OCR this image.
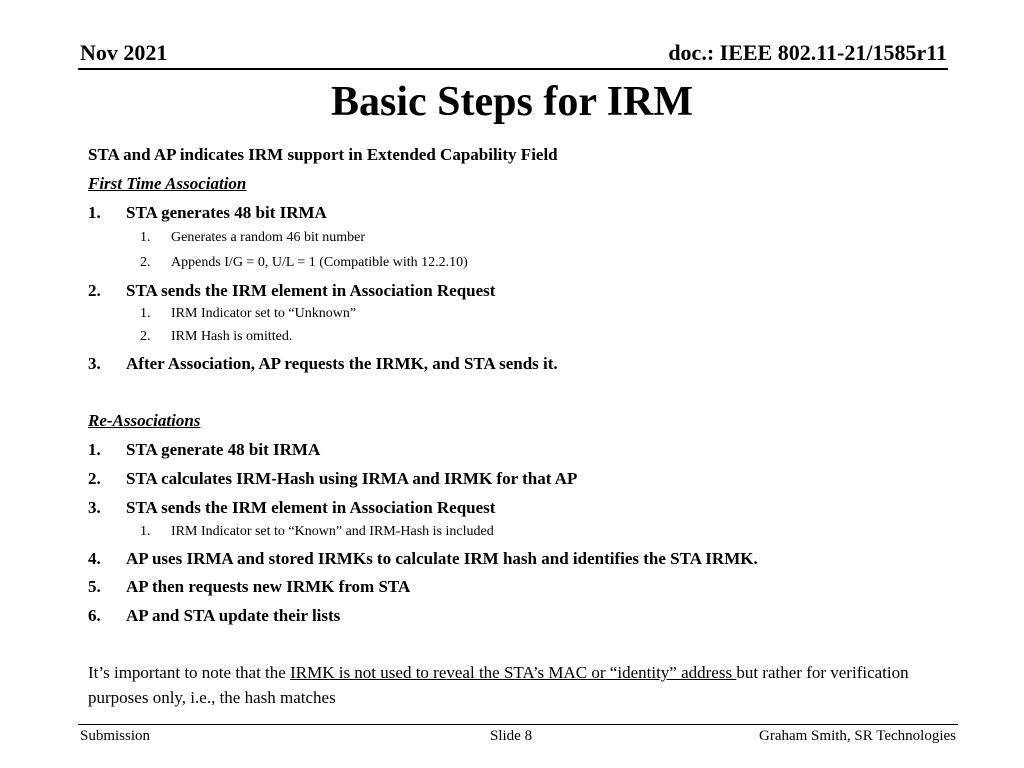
Nov 2021	doc.: IEEE 802.11-21/1585r11
Basic Steps for IRM
STA and AP indicates IRM support in Extended Capability Field
First Time Association
1. STA generates 48 bit IRMA
1. Generates a random 46 bit number
2. Appends I/G = 0, U/L = 1 (Compatible with 12.2.10)
2. STA sends the IRM element in Association Request
1. IRM Indicator set to “Unknown”
2. IRM Hash is omitted.
3. After Association, AP requests the IRMK, and STA sends it.
Re-Associations
1. STA generate 48 bit IRMA
2. STA calculates IRM-Hash using IRMA and IRMK for that AP
3. STA sends the IRM element in Association Request
1. IRM Indicator set to “Known” and IRM-Hash is included
4. AP uses IRMA and stored IRMKs to calculate IRM hash and identifies the STA IRMK.
5. AP then requests new IRMK from STA
6. AP and STA update their lists
It’s important to note that the IRMK is not used to reveal the STA’s MAC or “identity” address but rather for verification purposes only, i.e., the hash matches
Submission	Slide 8	Graham Smith, SR Technologies
